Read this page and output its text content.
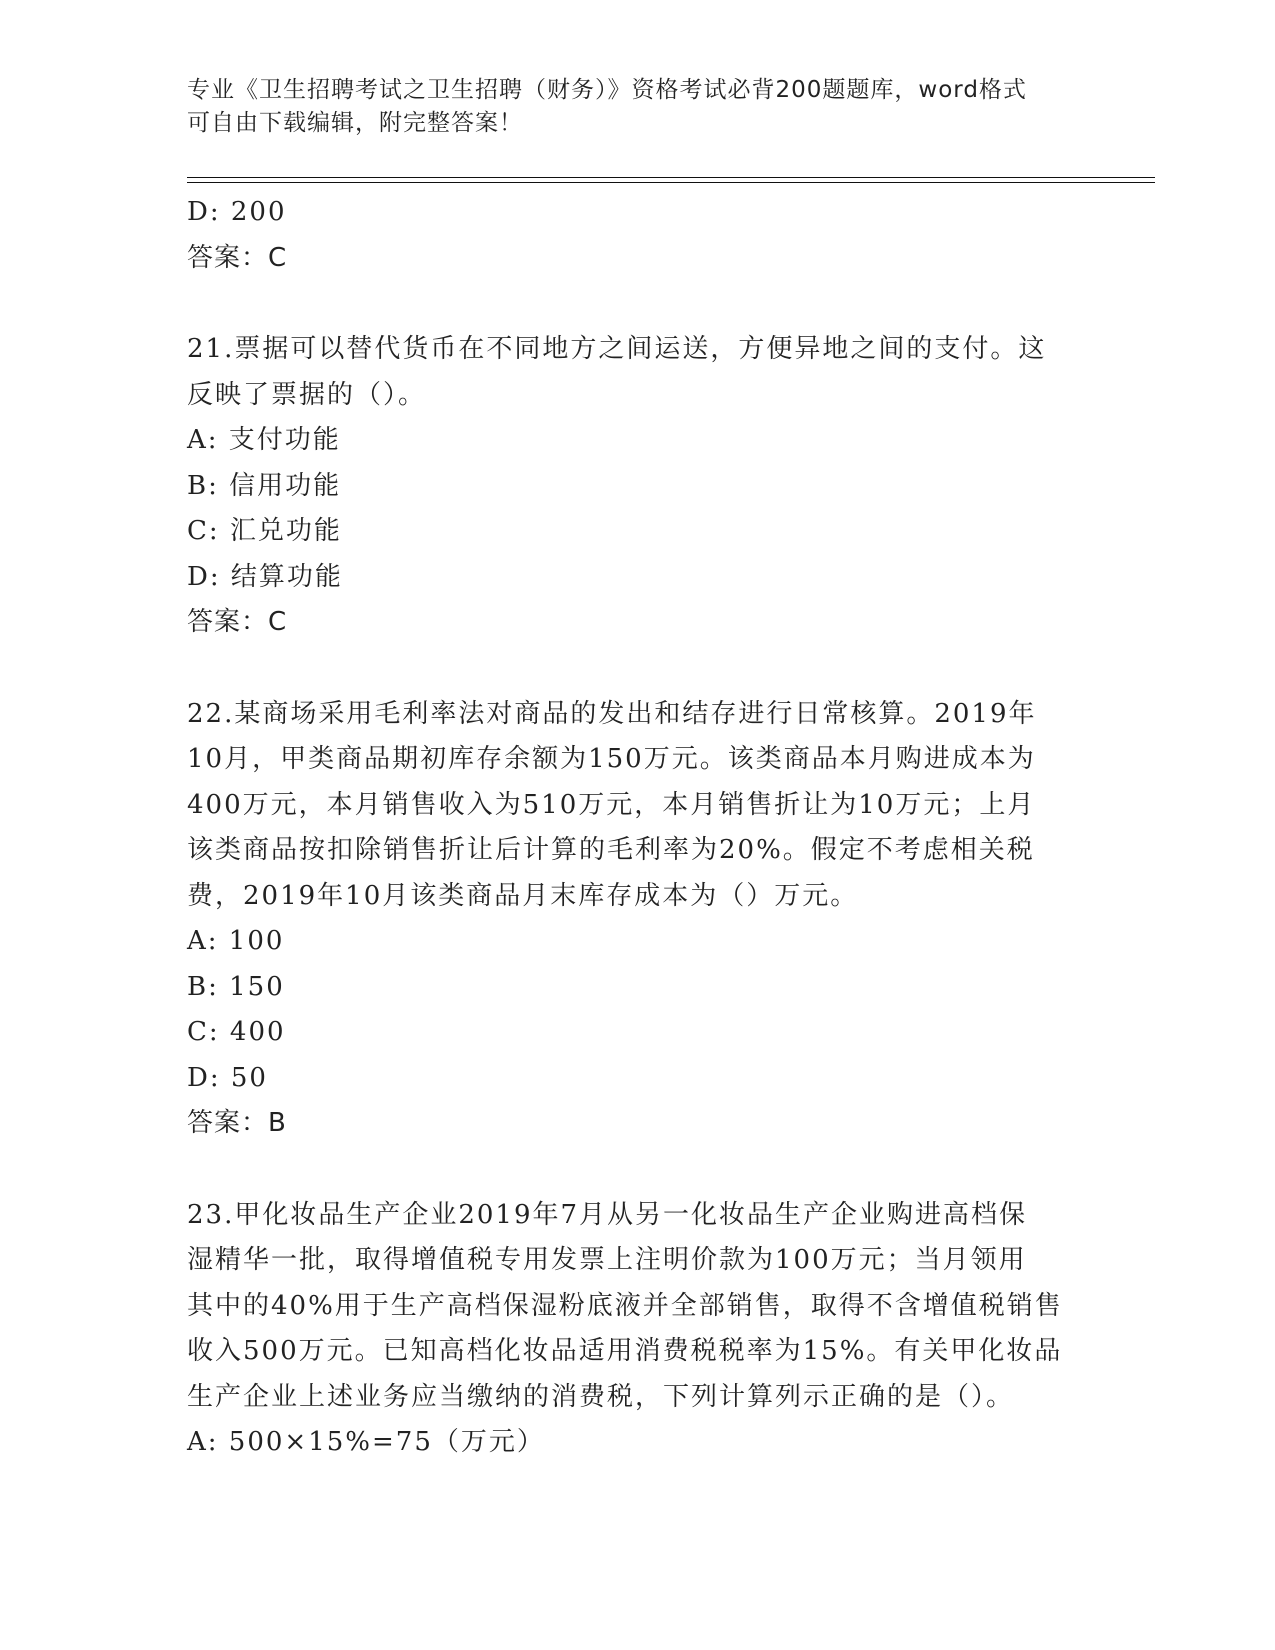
专业《卫生招聘考试之卫生招聘（财务）》资格考试必背200题题库，word格式
可自由下载编辑，附完整答案！
D: 200
答案：C
21.票据可以替代货币在不同地方之间运送，方便异地之间的支付。这
反映了票据的（）。
A: 支付功能
B: 信用功能
C: 汇兑功能
D: 结算功能
答案：C
22.某商场采用毛利率法对商品的发出和结存进行日常核算。2019年
10月，甲类商品期初库存余额为150万元。该类商品本月购进成本为
400万元，本月销售收入为510万元，本月销售折让为10万元；上月
该类商品按扣除销售折让后计算的毛利率为20%。假定不考虑相关税
费，2019年10月该类商品月末库存成本为（）万元。
A: 100
B: 150
C: 400
D: 50
答案：B
23.甲化妆品生产企业2019年7月从另一化妆品生产企业购进高档保
湿精华一批，取得增值税专用发票上注明价款为100万元；当月领用
其中的40%用于生产高档保湿粉底液并全部销售，取得不含增值税销售
收入500万元。已知高档化妆品适用消费税税率为15%。有关甲化妆品
生产企业上述业务应当缴纳的消费税，下列计算列示正确的是（）。
A: 500×15%=75（万元）
